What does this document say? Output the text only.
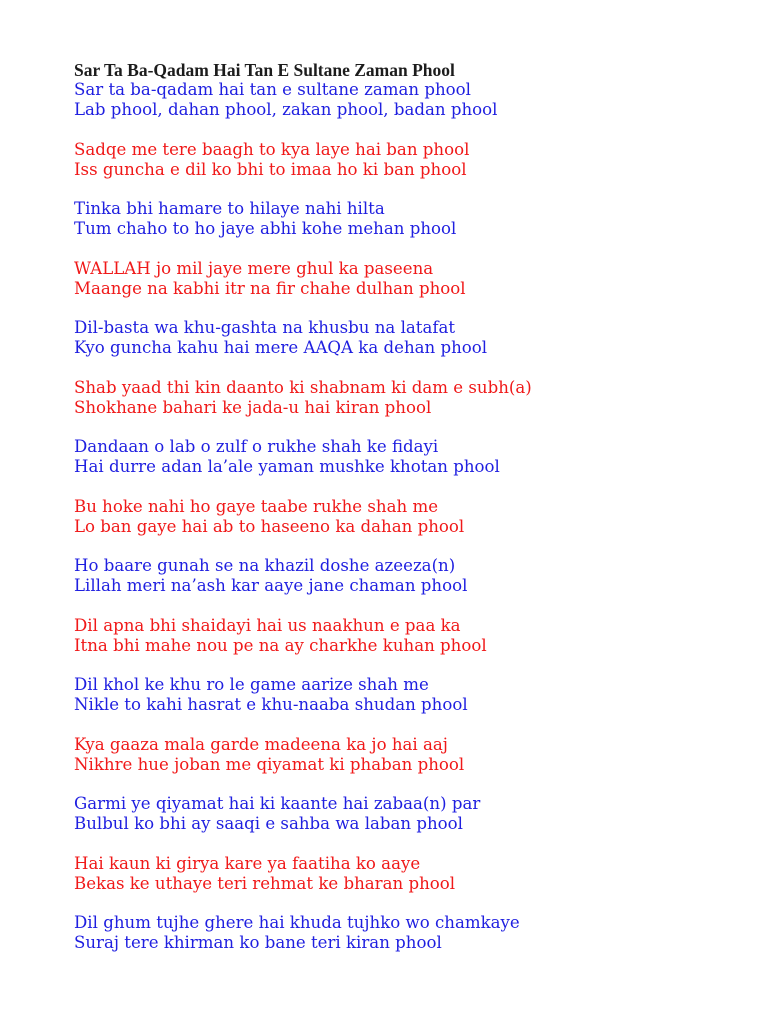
Sar Ta Ba-Qadam Hai Tan E Sultane Zaman Phool
Sar ta ba-qadam hai tan e sultane zaman phool
Lab phool, dahan phool, zakan phool, badan phool
Sadqe me tere baagh to kya laye hai ban phool
Iss guncha e dil ko bhi to imaa ho ki ban phool
Tinka bhi hamare to hilaye nahi hilta
Tum chaho to ho jaye abhi kohe mehan phool
WALLAH jo mil jaye mere ghul ka paseena
Maange na kabhi itr na fir chahe dulhan phool
Dil-basta wa khu-gashta na khusbu na latafat
Kyo guncha kahu hai mere AAQA ka dehan phool
Shab yaad thi kin daanto ki shabnam ki dam e subh(a)
Shokhane bahari ke jada-u hai kiran phool
Dandaan o lab o zulf o rukhe shah ke fidayi
Hai durre adan la’ale yaman mushke khotan phool
Bu hoke nahi ho gaye taabe rukhe shah me
Lo ban gaye hai ab to haseeno ka dahan phool
Ho baare gunah se na khazil doshe azeeza(n)
Lillah meri na’ash kar aaye jane chaman phool
Dil apna bhi shaidayi hai us naakhun e paa ka
Itna bhi mahe nou pe na ay charkhe kuhan phool
Dil khol ke khu ro le game aarize shah me
Nikle to kahi hasrat e khu-naaba shudan phool
Kya gaaza mala garde madeena ka jo hai aaj
Nikhre hue joban me qiyamat ki phaban phool
Garmi ye qiyamat hai ki kaante hai zabaa(n) par
Bulbul ko bhi ay saaqi e sahba wa laban phool
Hai kaun ki girya kare ya faatiha ko aaye
Bekas ke uthaye teri rehmat ke bharan phool
Dil ghum tujhe ghere hai khuda tujhko wo chamkaye
Suraj tere khirman ko bane teri kiran phool
